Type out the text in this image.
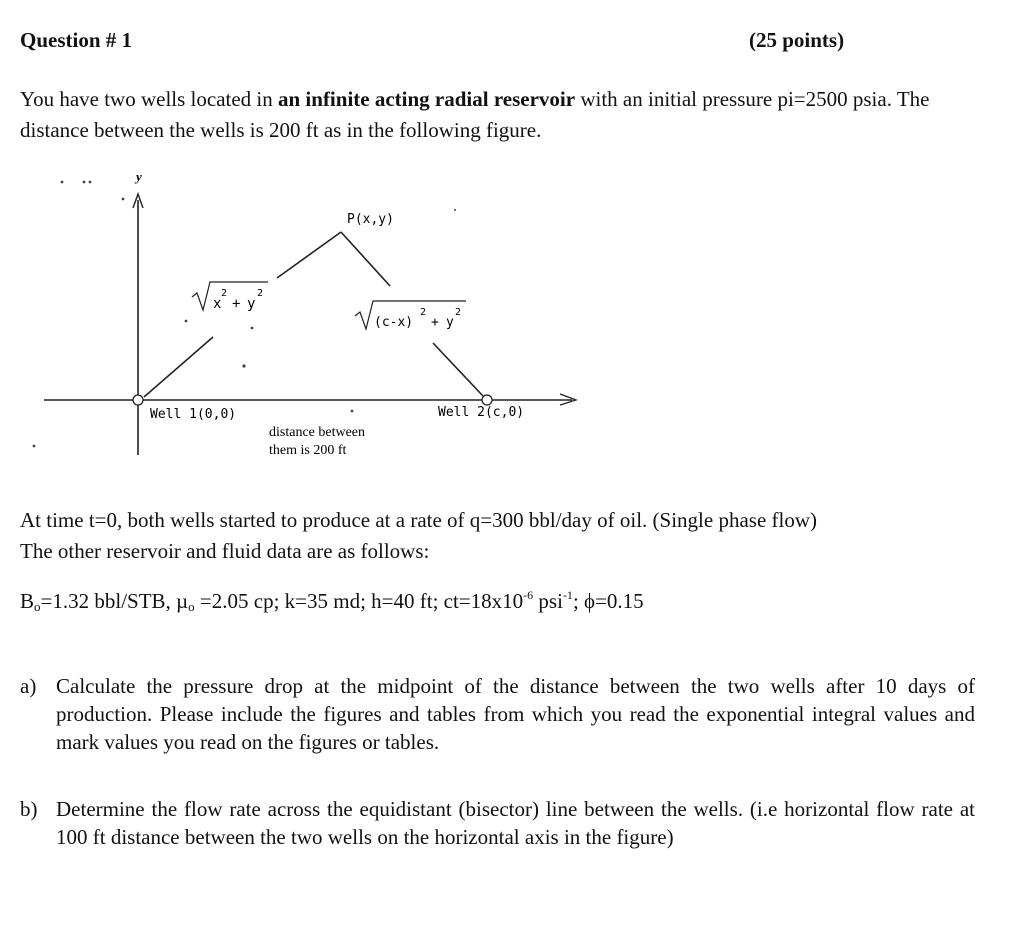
Question # 1	(25 points)
You have two wells located in an infinite acting radial reservoir with an initial pressure pi=2500 psia. The distance between the wells is 200 ft as in the following figure.
y
P(x,y)
x
2
+ y
2
(c-x)
2
+ y
2
Well 1(0,0)	Well 2(c,0)
distance between
them is 200 ft
At time t=0, both wells started to produce at a rate of q=300 bbl/day of oil. (Single phase flow)
The other reservoir and fluid data are as follows:
$B_o=1.32$ bbl/STB, µ$_o$ =2.05 cp; k=35 md; h=40 ft; $ct=18x10^{-6}$ psi$^{-1}$; ϕ=0.15
a) Calculate the pressure drop at the midpoint of the distance between the two wells after 10 days of production. Please include the figures and tables from which you read the exponential integral values and mark values you read on the figures or tables.
b) Determine the flow rate across the equidistant (bisector) line between the wells. (i.e horizontal flow rate at 100 ft distance between the two wells on the horizontal axis in the figure)
